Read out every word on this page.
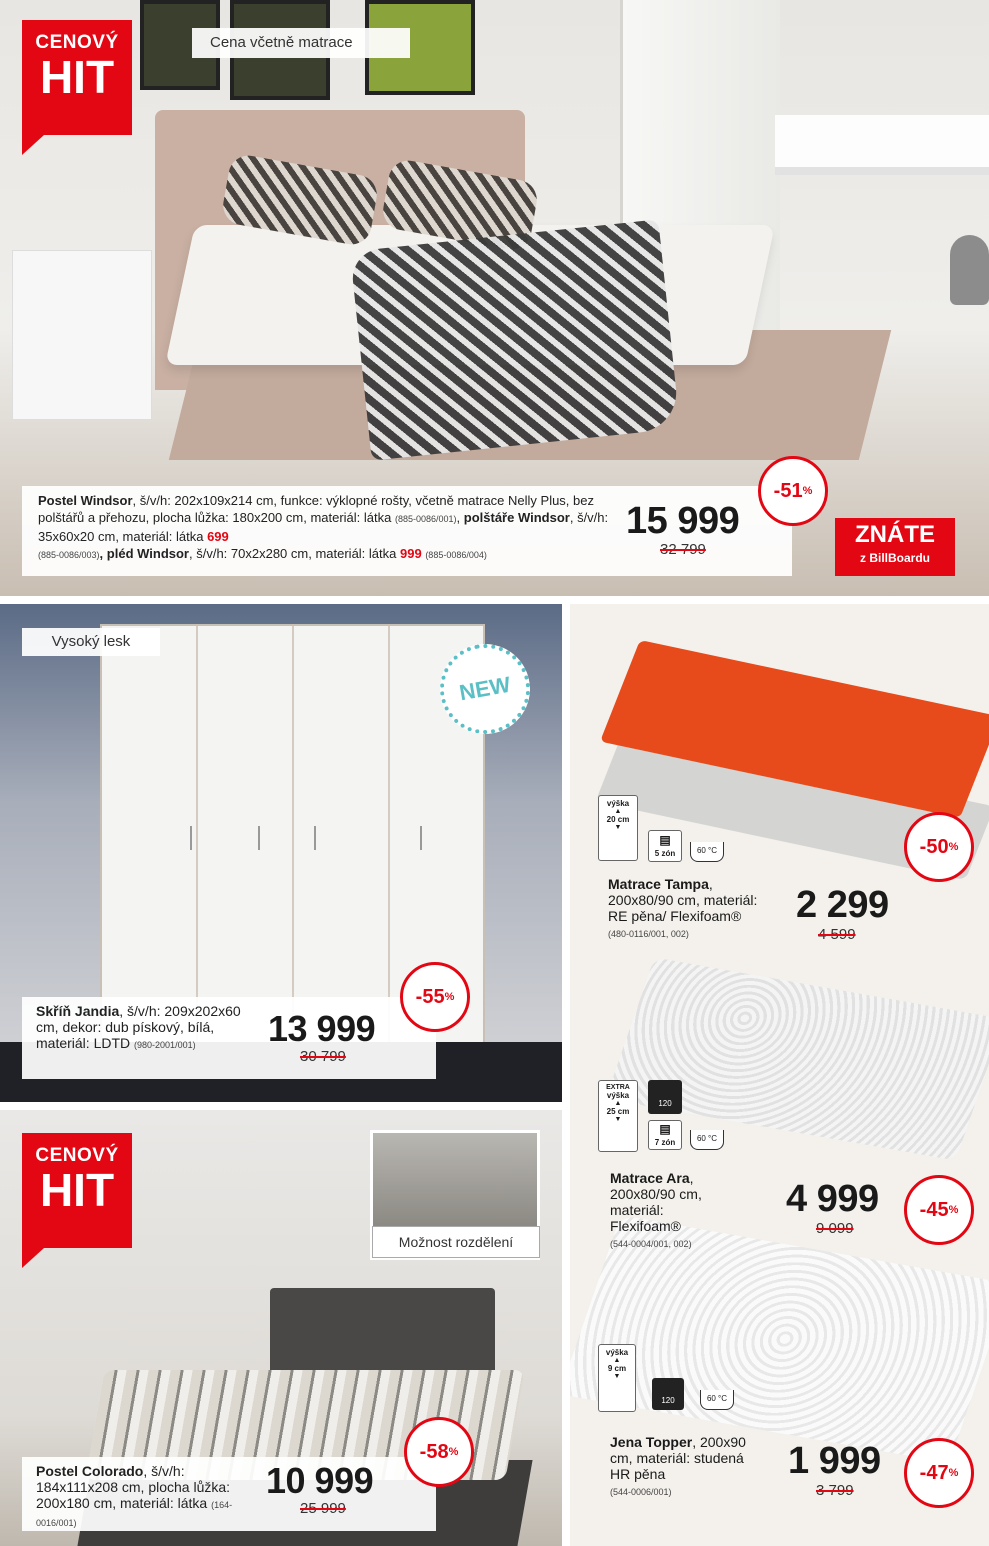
CENOVÝ
HIT
Cena včetně matrace
Postel Windsor, š/v/h: 202x109x214 cm, funkce: výklopné rošty, včetně matrace Nelly Plus, bez polštářů a přehozu, plocha lůžka: 180x200 cm, materiál: látka (885-0086/001), polštáře Windsor, š/v/h: 35x60x20 cm, materiál: látka 699
(885-0086/003), pléd Windsor, š/v/h: 70x2x280 cm, materiál: látka 999 (885-0086/004)
15 999
32 799
-51 %
ZNÁTE
z BillBoardu
Vysoký lesk
NEW
Skříň Jandia, š/v/h: 209x202x60 cm, dekor: dub pískový, bílá, materiál: LDTD (980-2001/001)	13 999
30 799
-55 %
CENOVÝ
HIT
Možnost rozdělení
Postel Colorado, š/v/h: 184x111x208 cm, plocha lůžka: 200x180 cm, materiál: látka (164-0016/001)
10 999
25 999
-58 %
výška
▲
20 cm
▼
▤
5 zón	60 °C
Matrace Tampa, 200x80/90 cm, materiál: RE pěna/ Flexifoam®
(480-0116/001, 002)
2 299
4 599
-50 %
EXTRA
výška
▲
25 cm
▼
120
▤
7 zón	60 °C
Matrace Ara, 200x80/90 cm, materiál: Flexifoam®
(544-0004/001, 002)
4 999
9 099
-45 %
výška
▲
9 cm
▼
120	60 °C
Jena Topper, 200x90 cm, materiál: studená HR pěna
(544-0006/001)
1 999
3 799
-47 %
